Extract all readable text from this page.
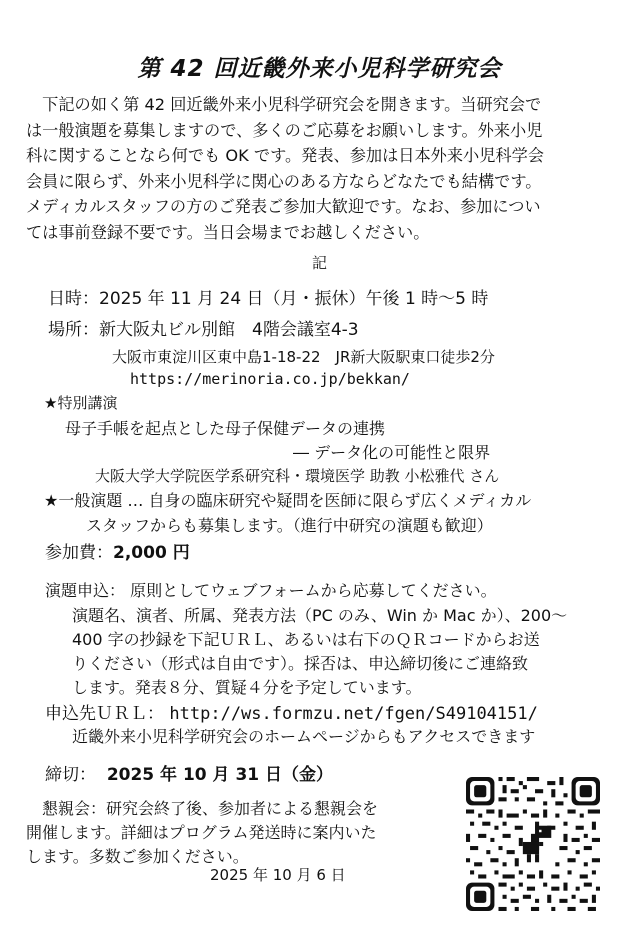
第 42 回近畿外来小児科学研究会
　下記の如く第 42 回近畿外来小児科学研究会を開きます。当研究会で
は一般演題を募集しますので、多くのご応募をお願いします。外来小児
科に関することなら何でも OK です。発表、参加は日本外来小児科学会
会員に限らず、外来小児科学に関心のある方ならどなたでも結構です。
メディカルスタッフの方のご発表ご参加大歓迎です。なお、参加につい
ては事前登録不要です。当日会場までお越しください。
記
日時：2025 年 11 月 24 日（月・振休）午後 1 時～5 時
場所：新大阪丸ビル別館　4階会議室4-3
大阪市東淀川区東中島1-18-22　JR新大阪駅東口徒歩2分
https://merinoria.co.jp/bekkan/
★特別講演
母子手帳を起点とした母子保健データの連携
― データ化の可能性と限界
大阪大学大学院医学系研究科・環境医学 助教 小松雅代 さん
★一般演題 … 自身の臨床研究や疑問を医師に限らず広くメディカル
スタッフからも募集します。（進行中研究の演題も歓迎）
参加費：2,000 円
演題申込： 原則としてウェブフォームから応募してください。
演題名、演者、所属、発表方法（PC のみ、Win か Mac か）、200～
400 字の抄録を下記ＵＲＬ、あるいは右下のＱＲコードからお送
りください（形式は自由です）。採否は、申込締切後にご連絡致
します。発表８分、質疑４分を予定しています。
申込先ＵＲＬ： http://ws.formzu.net/fgen/S49104151/
近畿外来小児科学研究会のホームページからもアクセスできます
締切： 2025 年 10 月 31 日（金）
　懇親会：研究会終了後、参加者による懇親会を
開催します。詳細はプログラム発送時に案内いた
します。多数ご参加ください。
2025 年 10 月 6 日
